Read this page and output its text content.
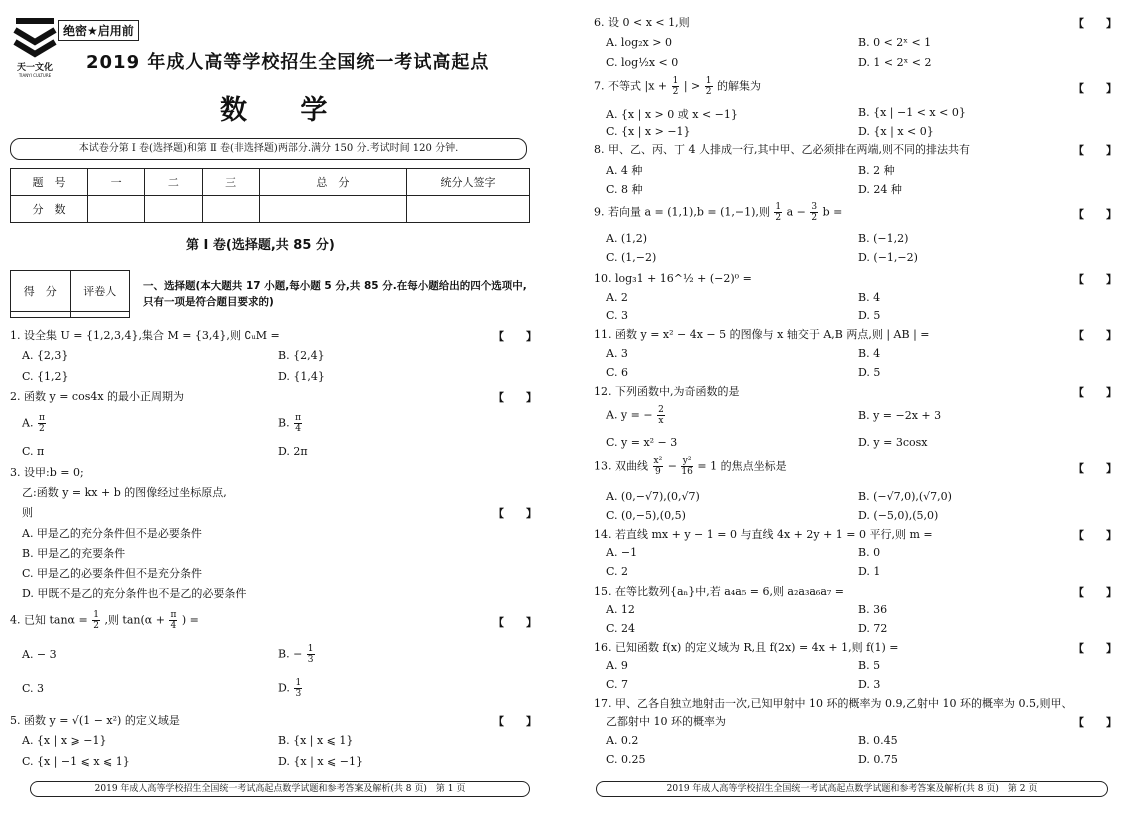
天一文化
TIANYI CULTURE
绝密★启用前
2019 年成人高等学校招生全国统一考试高起点
数 学
本试卷分第 Ⅰ 卷(选择题)和第 Ⅱ 卷(非选择题)两部分.满分 150 分.考试时间 120 分钟.
题　号	一	二	三	总　分	统分人签字
分　数					
第 Ⅰ 卷(选择题,共 85 分)
得　分	评卷人
		一、选择题(本大题共 17 小题,每小题 5 分,共 85 分.在每小题给出的四个选项中,只有一项是符合题目要求的)
1. 设全集 U = {1,2,3,4},集合 M = {3,4},则 ∁ᵤM =	【　　】
A. {2,3}	B. {2,4}
C. {1,2}	D. {1,4}
2. 函数 y = cos4x 的最小正周期为	【　　】
A. $\frac{\pi}{2}$	B. $\frac{\pi}{4}$
C. π	D. 2π
3. 设甲:b = 0;
乙:函数 y = kx + b 的图像经过坐标原点,
则	【　　】
A. 甲是乙的充分条件但不是必要条件
B. 甲是乙的充要条件
C. 甲是乙的必要条件但不是充分条件
D. 甲既不是乙的充分条件也不是乙的必要条件
4. 已知 $\tan\alpha = \frac{1}{2}$ ,则 $\tan(\alpha + \frac{\pi}{4}$ ) =	【　　】
A. − 3	B. − $\frac{1}{3}$
C. 3	D. $\frac{1}{3}$
5. 函数 y = √(1 − x²) 的定义域是	【　　】
A. {x | x ⩾ −1}	B. {x | x ⩽ 1}
C. {x | −1 ⩽ x ⩽ 1}	D. {x | x ⩽ −1}
2019 年成人高等学校招生全国统一考试高起点数学试题和参考答案及解析(共 8 页)　第 1 页
6. 设 0 < x < 1,则	【　　】
A. log₂x > 0	B. 0 < 2ˣ < 1
C. log½x < 0	D. 1 < 2ˣ < 2
7. 不等式 $|x + \frac{1}{2}$ | > $\frac{1}{2}$ 的解集为	【　　】
A. {x | x > 0 或 x < −1}	B. {x | −1 < x < 0}
C. {x | x > −1}	D. {x | x < 0}
8. 甲、乙、丙、丁 4 人排成一行,其中甲、乙必须排在两端,则不同的排法共有	【　　】
A. 4 种	B. 2 种
C. 8 种	D. 24 种
9. 若向量 a = (1,1),b = (1,−1),则 $\frac{1}{2}$ $a - \frac{3}{2}$ b =	【　　】
A. (1,2)	B. (−1,2)
C. (1,−2)	D. (−1,−2)
10. log₃1 + 16^½ + (−2)⁰ =	【　　】
A. 2	B. 4
C. 3	D. 5
11. 函数 y = x² − 4x − 5 的图像与 x 轴交于 A,B 两点,则 | AB | =	【　　】
A. 3	B. 4
C. 6	D. 5
12. 下列函数中,为奇函数的是	【　　】
A. y = − $\frac{2}{x}$	B. y = −2x + 3
C. y = x² − 3	D. y = 3cosx
13. 双曲线 $\frac{\text{x²}}{9} - \frac{\text{y²}}{16} = 1$ 的焦点坐标是	【　　】
A. (0,−√7),(0,√7)	B. (−√7,0),(√7,0)
C. (0,−5),(0,5)	D. (−5,0),(5,0)
14. 若直线 mx + y − 1 = 0 与直线 4x + 2y + 1 = 0 平行,则 m =	【　　】
A. −1	B. 0
C. 2	D. 1
15. 在等比数列{aₙ}中,若 a₄a₅ = 6,则 a₂a₃a₆a₇ =	【　　】
A. 12	B. 36
C. 24	D. 72
16. 已知函数 f(x) 的定义域为 R,且 f(2x) = 4x + 1,则 f(1) =	【　　】
A. 9	B. 5
C. 7	D. 3
17. 甲、乙各自独立地射击一次,已知甲射中 10 环的概率为 0.9,乙射中 10 环的概率为 0.5,则甲、
乙都射中 10 环的概率为	【　　】
A. 0.2	B. 0.45
C. 0.25	D. 0.75
2019 年成人高等学校招生全国统一考试高起点数学试题和参考答案及解析(共 8 页)　第 2 页
